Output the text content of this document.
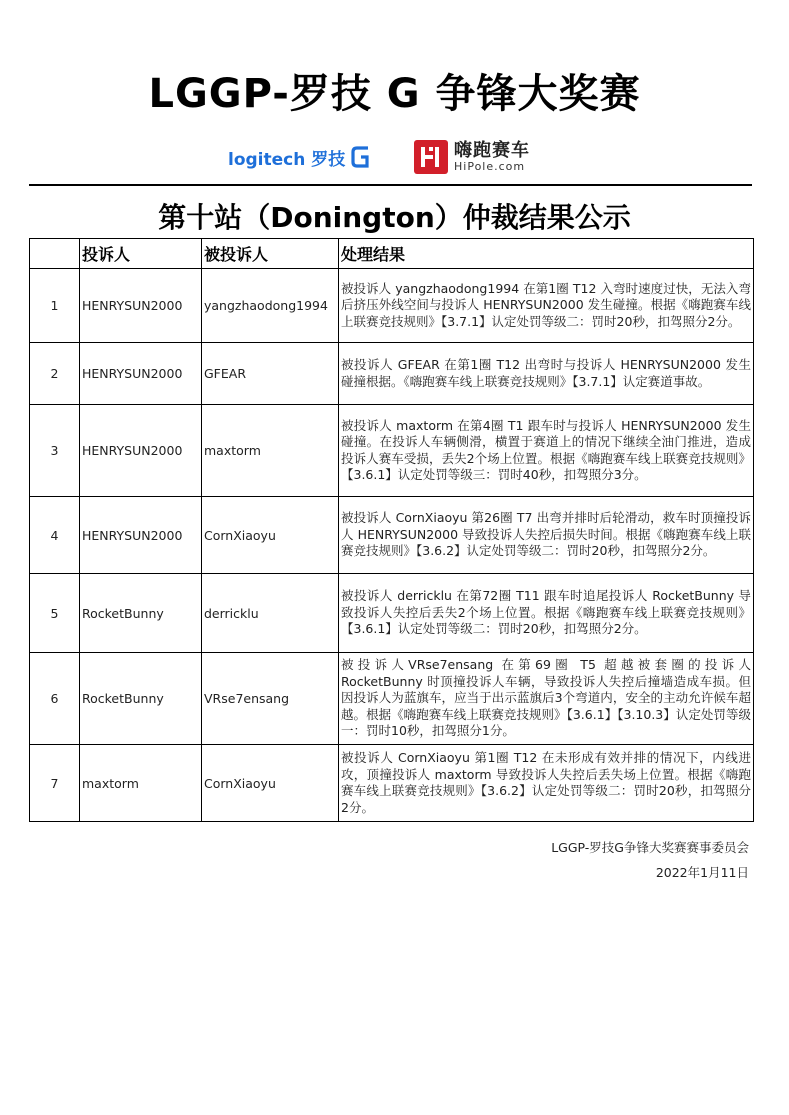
LGGP-罗技 G 争锋大奖赛
logitech 罗技	嗨跑赛车
HiPole.com
第十站（Donington）仲裁结果公示
	投诉人	被投诉人	处理结果
1	HENRYSUN2000	yangzhaodong1994	被投诉人 yangzhaodong1994 在第1圈 T12 入弯时速度过快，无法入弯后挤压外线空间与投诉人 HENRYSUN2000 发生碰撞。根据《嗨跑赛车线上联赛竞技规则》【3.7.1】认定处罚等级二：罚时20秒，扣驾照分2分。
2	HENRYSUN2000	GFEAR	被投诉人 GFEAR 在第1圈 T12 出弯时与投诉人 HENRYSUN2000 发生碰撞根据。《嗨跑赛车线上联赛竞技规则》【3.7.1】认定赛道事故。
3	HENRYSUN2000	maxtorm	被投诉人 maxtorm 在第4圈 T1 跟车时与投诉人 HENRYSUN2000 发生碰撞。在投诉人车辆侧滑，横置于赛道上的情况下继续全油门推进，造成投诉人赛车受损，丢失2个场上位置。根据《嗨跑赛车线上联赛竞技规则》【3.6.1】认定处罚等级三：罚时40秒，扣驾照分3分。
4	HENRYSUN2000	CornXiaoyu	被投诉人 CornXiaoyu 第26圈 T7 出弯并排时后轮滑动，救车时顶撞投诉人 HENRYSUN2000 导致投诉人失控后损失时间。根据《嗨跑赛车线上联赛竞技规则》【3.6.2】认定处罚等级二：罚时20秒，扣驾照分2分。
5	RocketBunny	derricklu	被投诉人 derricklu 在第72圈 T11 跟车时追尾投诉人 RocketBunny 导致投诉人失控后丢失2个场上位置。根据《嗨跑赛车线上联赛竞技规则》【3.6.1】认定处罚等级二：罚时20秒，扣驾照分2分。
6	RocketBunny	VRse7ensang	被投诉人VRse7ensang 在第69圈 T5 超越被套圈的投诉人 RocketBunny 时顶撞投诉人车辆，导致投诉人失控后撞墙造成车损。但因投诉人为蓝旗车，应当于出示蓝旗后3个弯道内，安全的主动允许候车超越。根据《嗨跑赛车线上联赛竞技规则》【3.6.1】【3.10.3】认定处罚等级一：罚时10秒，扣驾照分1分。
7	maxtorm	CornXiaoyu	被投诉人 CornXiaoyu 第1圈 T12 在未形成有效并排的情况下，内线进攻，顶撞投诉人 maxtorm 导致投诉人失控后丢失场上位置。根据《嗨跑赛车线上联赛竞技规则》【3.6.2】认定处罚等级二：罚时20秒，扣驾照分2分。
LGGP-罗技G争锋大奖赛赛事委员会
2022年1月11日
